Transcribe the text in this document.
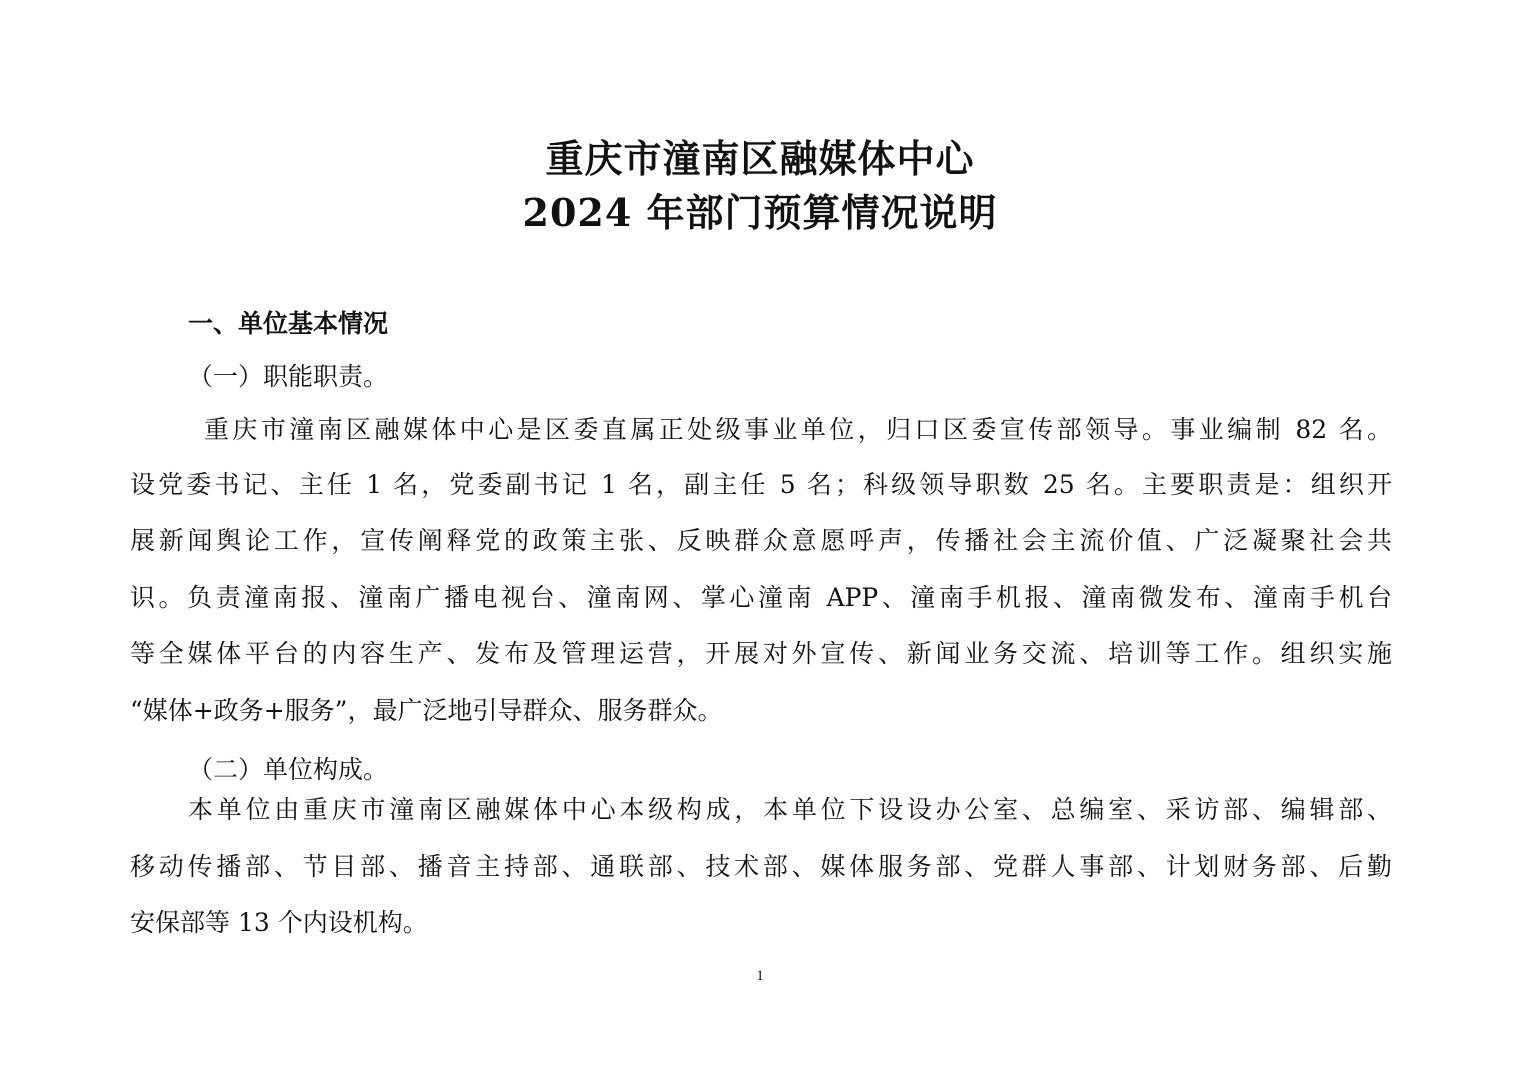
重庆市潼南区融媒体中心
2024 年部门预算情况说明
一、单位基本情况
（一）职能职责。
重庆市潼南区融媒体中心是区委直属正处级事业单位，归口区委宣传部领导。事业编制 82 名。
设党委书记、主任 1 名，党委副书记 1 名，副主任 5 名；科级领导职数 25 名。主要职责是：组织开
展新闻舆论工作，宣传阐释党的政策主张、反映群众意愿呼声，传播社会主流价值、广泛凝聚社会共
识。负责潼南报、潼南广播电视台、潼南网、掌心潼南 APP、潼南手机报、潼南微发布、潼南手机台
等全媒体平台的内容生产、发布及管理运营，开展对外宣传、新闻业务交流、培训等工作。组织实施
“媒体+政务+服务”，最广泛地引导群众、服务群众。
（二）单位构成。
本单位由重庆市潼南区融媒体中心本级构成，本单位下设设办公室、总编室、采访部、编辑部、
移动传播部、节目部、播音主持部、通联部、技术部、媒体服务部、党群人事部、计划财务部、后勤
安保部等 13 个内设机构。
1
